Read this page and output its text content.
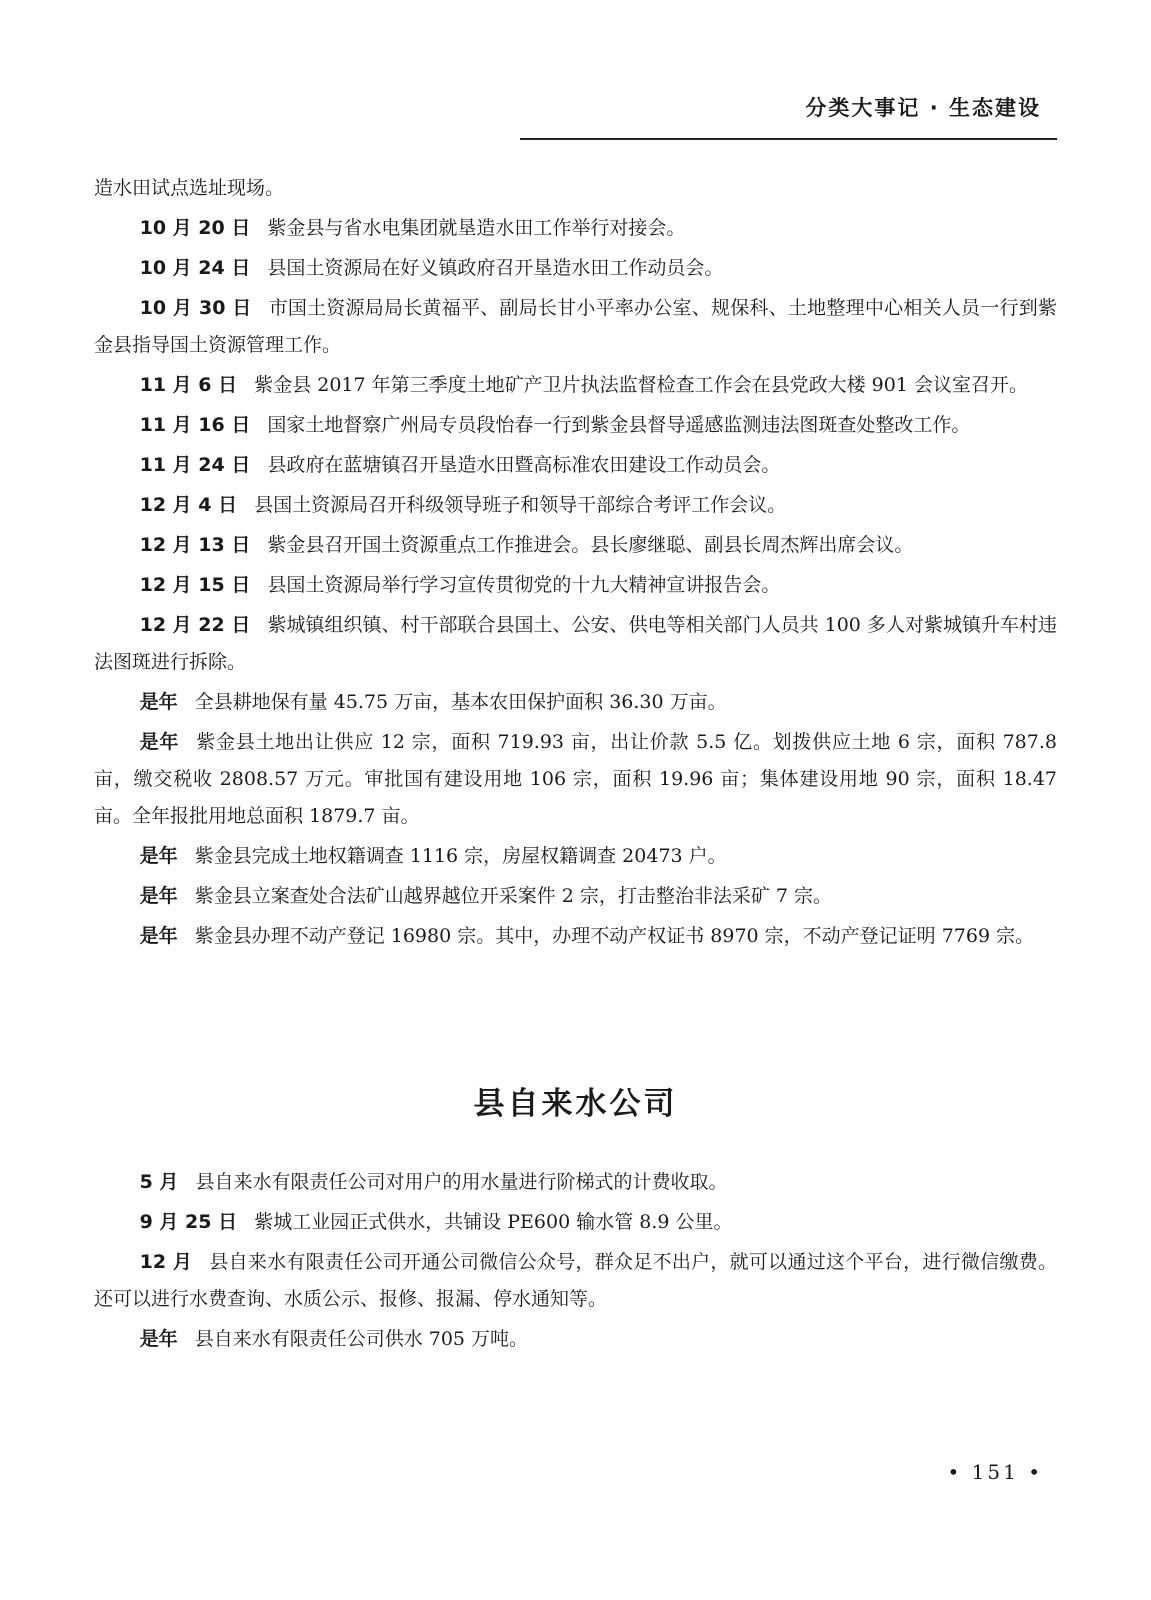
分类大事记 · 生态建设

造水田试点选址现场。

10 月 20 日 紫金县与省水电集团就垦造水田工作举行对接会。

10 月 24 日 县国土资源局在好义镇政府召开垦造水田工作动员会。

10 月 30 日 市国土资源局局长黄福平、副局长甘小平率办公室、规保科、土地整理中心相关人员一行到紫金县指导国土资源管理工作。

11 月 6 日 紫金县 2017 年第三季度土地矿产卫片执法监督检查工作会在县党政大楼 901 会议室召开。

11 月 16 日 国家土地督察广州局专员段怡春一行到紫金县督导遥感监测违法图斑查处整改工作。

11 月 24 日 县政府在蓝塘镇召开垦造水田暨高标准农田建设工作动员会。

12 月 4 日 县国土资源局召开科级领导班子和领导干部综合考评工作会议。

12 月 13 日 紫金县召开国土资源重点工作推进会。县长廖继聪、副县长周杰辉出席会议。

12 月 15 日 县国土资源局举行学习宣传贯彻党的十九大精神宣讲报告会。

12 月 22 日 紫城镇组织镇、村干部联合县国土、公安、供电等相关部门人员共 100 多人对紫城镇升车村违法图斑进行拆除。

是年 全县耕地保有量 45.75 万亩，基本农田保护面积 36.30 万亩。

是年 紫金县土地出让供应 12 宗，面积 719.93 亩，出让价款 5.5 亿。划拨供应土地 6 宗，面积 787.8 亩，缴交税收 2808.57 万元。审批国有建设用地 106 宗，面积 19.96 亩；集体建设用地 90 宗，面积 18.47 亩。全年报批用地总面积 1879.7 亩。

是年 紫金县完成土地权籍调查 1116 宗，房屋权籍调查 20473 户。

是年 紫金县立案查处合法矿山越界越位开采案件 2 宗，打击整治非法采矿 7 宗。

是年 紫金县办理不动产登记 16980 宗。其中，办理不动产权证书 8970 宗，不动产登记证明 7769 宗。

县自来水公司

5 月 县自来水有限责任公司对用户的用水量进行阶梯式的计费收取。

9 月 25 日 紫城工业园正式供水，共铺设 PE600 输水管 8.9 公里。

12 月 县自来水有限责任公司开通公司微信公众号，群众足不出户，就可以通过这个平台，进行微信缴费。还可以进行水费查询、水质公示、报修、报漏、停水通知等。

是年 县自来水有限责任公司供水 705 万吨。

• 151 •
